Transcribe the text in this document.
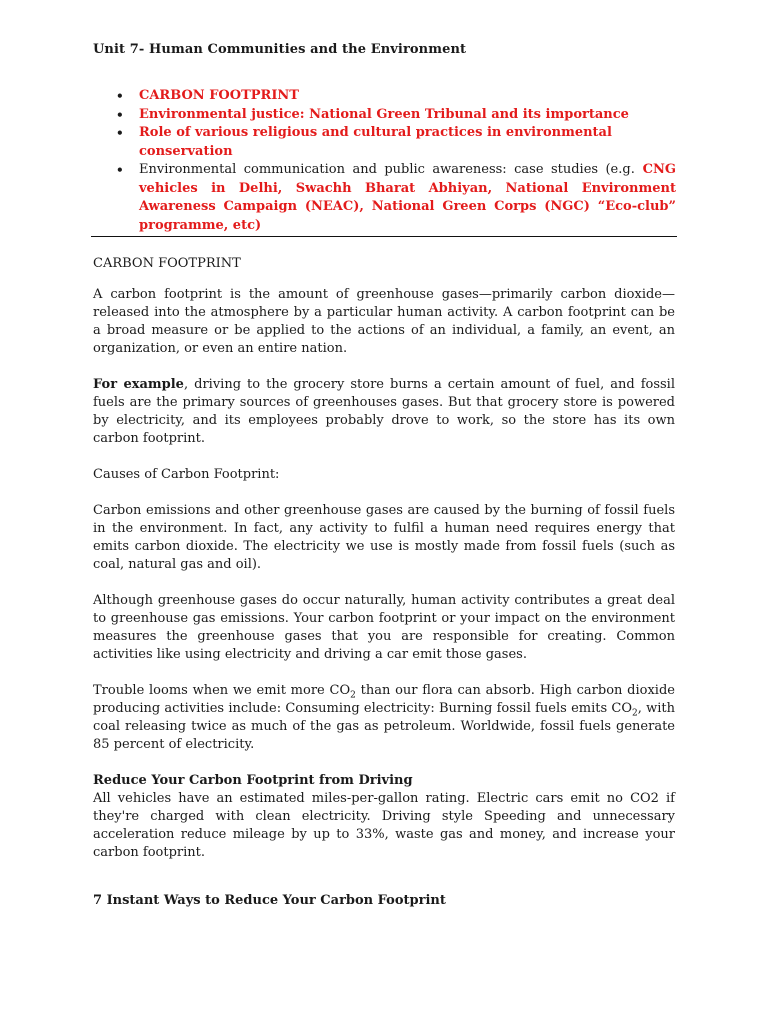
Unit 7- Human Communities and the Environment
• CARBON FOOTPRINT
• Environmental justice: National Green Tribunal and its importance
• Role of various religious and cultural practices in environmental conservation
• Environmental communication and public awareness: case studies (e.g. CNG vehicles in Delhi, Swachh Bharat Abhiyan, National Environment Awareness Campaign (NEAC), National Green Corps (NGC) “Eco-club” programme, etc)
CARBON FOOTPRINT

A carbon footprint is the amount of greenhouse gases—primarily carbon dioxide—released into the atmosphere by a particular human activity. A carbon footprint can be a broad measure or be applied to the actions of an individual, a family, an event, an organization, or even an entire nation.

For example, driving to the grocery store burns a certain amount of fuel, and fossil fuels are the primary sources of greenhouses gases. But that grocery store is powered by electricity, and its employees probably drove to work, so the store has its own carbon footprint.

Causes of Carbon Footprint:

Carbon emissions and other greenhouse gases are caused by the burning of fossil fuels in the environment. In fact, any activity to fulfil a human need requires energy that emits carbon dioxide. The electricity we use is mostly made from fossil fuels (such as coal, natural gas and oil).

Although greenhouse gases do occur naturally, human activity contributes a great deal to greenhouse gas emissions. Your carbon footprint or your impact on the environment measures the greenhouse gases that you are responsible for creating. Common activities like using electricity and driving a car emit those gases.

Trouble looms when we emit more $CO_2$ than our flora can absorb. High carbon dioxide producing activities include: Consuming electricity: Burning fossil fuels emits $CO_2$, with coal releasing twice as much of the gas as petroleum. Worldwide, fossil fuels generate 85 percent of electricity.

Reduce Your Carbon Footprint from Driving

All vehicles have an estimated miles-per-gallon rating. Electric cars emit no CO2 if they're charged with clean electricity. Driving style Speeding and unnecessary acceleration reduce mileage by up to 33%, waste gas and money, and increase your carbon footprint.

7 Instant Ways to Reduce Your Carbon Footprint
